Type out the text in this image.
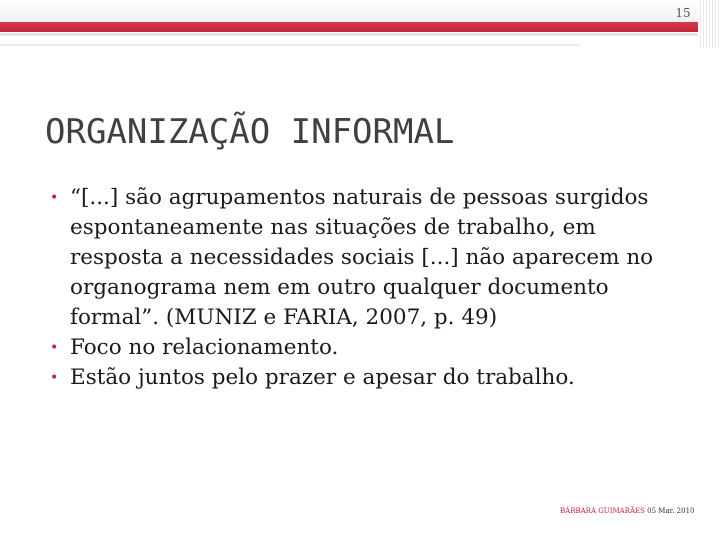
15
ORGANIZAÇÃO INFORMAL
• “[...] são agrupamentos naturais de pessoas surgidos espontaneamente nas situações de trabalho, em resposta a necessidades sociais [...] não aparecem no organograma nem em outro qualquer documento formal”. (MUNIZ e FARIA, 2007, p. 49)
• Foco no relacionamento.
• Estão juntos pelo prazer e apesar do trabalho.
BÁRBARA GUIMARÃES 05 Mar. 2010
